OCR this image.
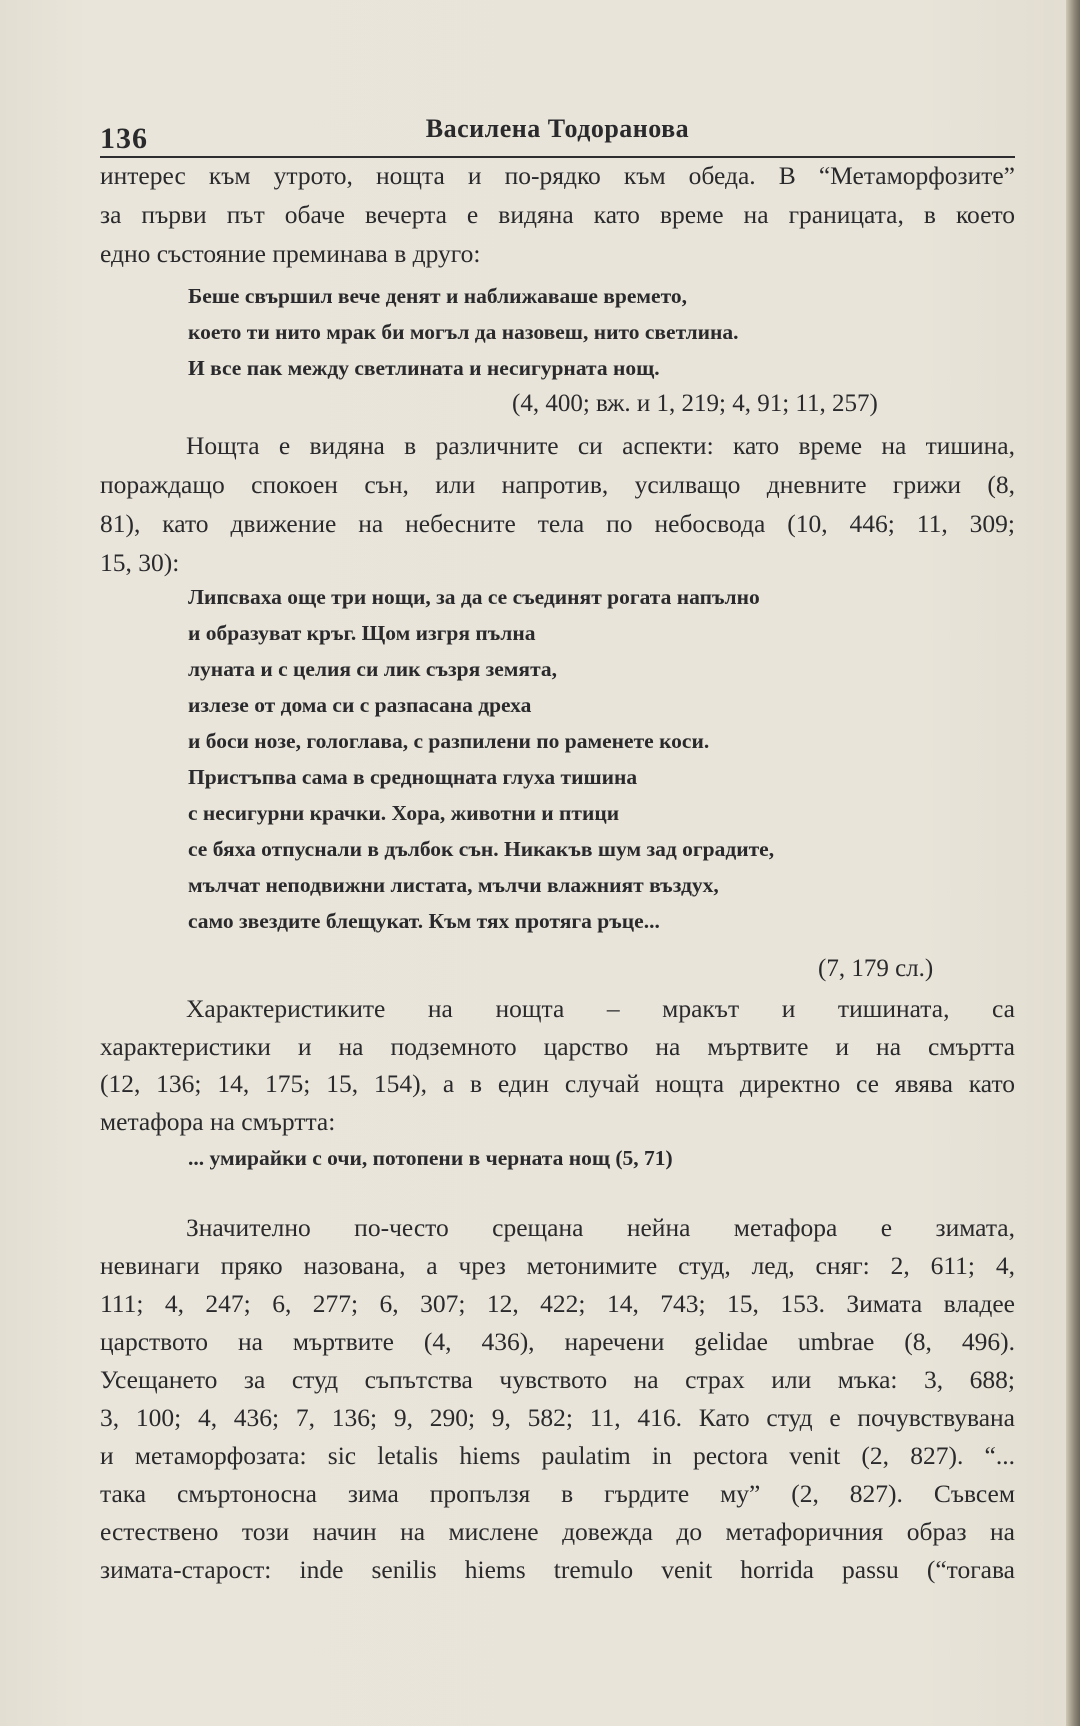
136	Василена Тодоранова
интерес към утрото, нощта и по-рядко към обеда. В “Метаморфозите”
за първи път обаче вечерта е видяна като време на границата, в което
едно състояние преминава в друго:
Беше свършил вече денят и наближаваше времето,
което ти нито мрак би могъл да назовеш, нито светлина.
И все пак между светлината и несигурната нощ.
(4, 400; вж. и 1, 219; 4, 91; 11, 257)
Нощта е видяна в различните си аспекти: като време на тишина,
пораждащо спокоен сън, или напротив, усилващо дневните грижи (8,
81), като движение на небесните тела по небосвода (10, 446; 11, 309;
15, 30):
Липсваха още три нощи, за да се съединят рогата напълно
и образуват кръг. Щом изгря пълна
луната и с целия си лик съзря земята,
излезе от дома си с разпасана дреха
и боси нозе, гологлава, с разпилени по раменете коси.
Пристъпва сама в среднощната глуха тишина
с несигурни крачки. Хора, животни и птици
се бяха отпуснали в дълбок сън. Никакъв шум зад оградите,
мълчат неподвижни листата, мълчи влажният въздух,
само звездите блещукат. Към тях протяга ръце...
(7, 179 сл.)
Характеристиките на нощта – мракът и тишината, са
характеристики и на подземното царство на мъртвите и на смъртта
(12, 136; 14, 175; 15, 154), а в един случай нощта директно се явява като
метафора на смъртта:
... умирайки с очи, потопени в черната нощ (5, 71)
Значително по-често срещана нейна метафора е зимата,
невинаги пряко назована, а чрез метонимите студ, лед, сняг: 2, 611; 4,
111; 4, 247; 6, 277; 6, 307; 12, 422; 14, 743; 15, 153. Зимата владее
царството на мъртвите (4, 436), наречени gelidae umbrae (8, 496).
Усещането за студ съпътства чувството на страх или мъка: 3, 688;
3, 100; 4, 436; 7, 136; 9, 290; 9, 582; 11, 416. Като студ е почувствувана
и метаморфозата: sic letalis hiems paulatim in pectora venit (2, 827). “...
така смъртоносна зима пропълзя в гърдите му” (2, 827). Съвсем
естествено този начин на мислене довежда до метафоричния образ на
зимата-старост: inde senilis hiems tremulo venit horrida passu (“тогава
